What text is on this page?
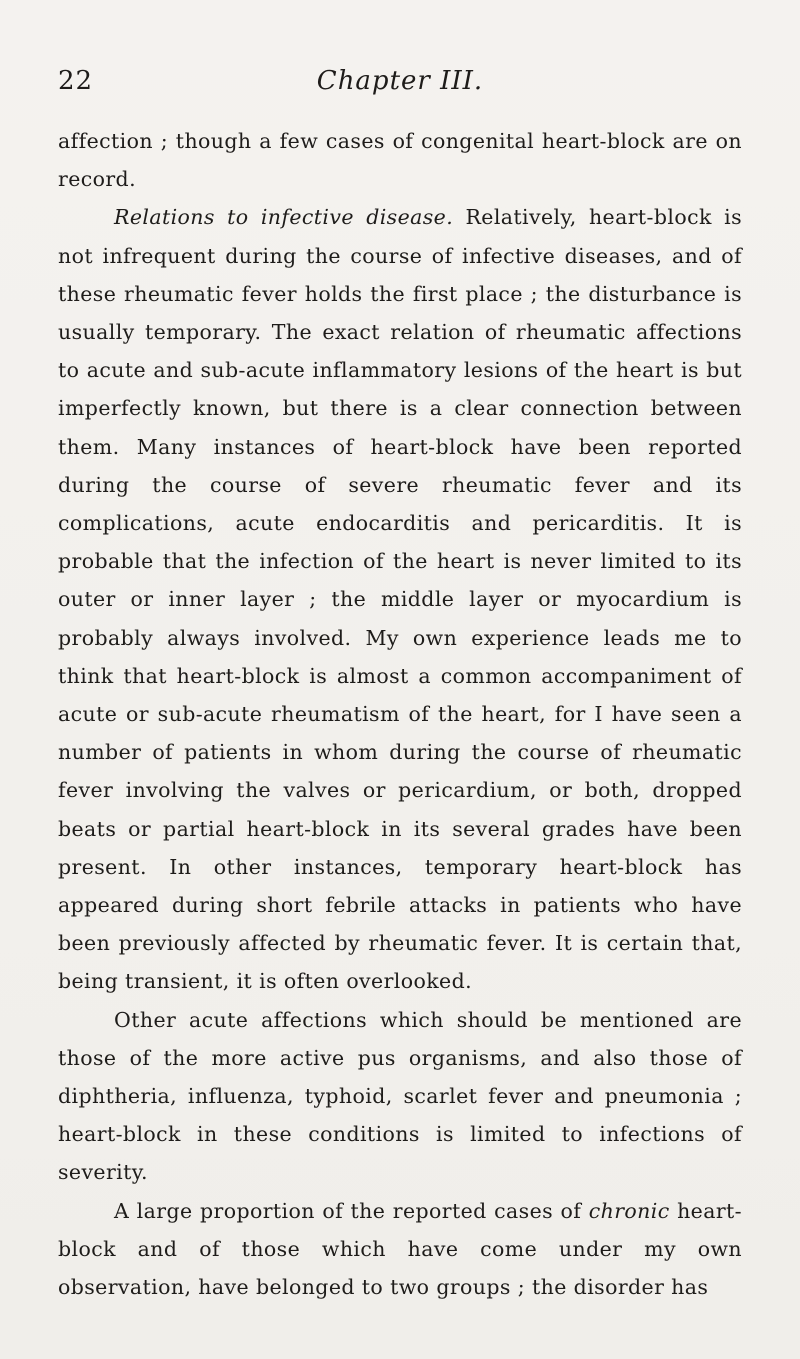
22	Chapter III.

affection ; though a few cases of congenital heart-block are on record.

Relations to infective disease. Relatively, heart-block is not infrequent during the course of infective diseases, and of these rheumatic fever holds the first place ; the disturbance is usually temporary. The exact relation of rheumatic affections to acute and sub-acute inflammatory lesions of the heart is but imperfectly known, but there is a clear connection between them. Many instances of heart-block have been reported during the course of severe rheumatic fever and its complications, acute endocarditis and pericarditis. It is probable that the infection of the heart is never limited to its outer or inner layer ; the middle layer or myocardium is probably always involved. My own experience leads me to think that heart-block is almost a common accompaniment of acute or sub-acute rheumatism of the heart, for I have seen a number of patients in whom during the course of rheumatic fever involving the valves or pericardium, or both, dropped beats or partial heart-block in its several grades have been present. In other instances, temporary heart-block has appeared during short febrile attacks in patients who have been previously affected by rheumatic fever. It is certain that, being transient, it is often overlooked.

Other acute affections which should be mentioned are those of the more active pus organisms, and also those of diphtheria, influenza, typhoid, scarlet fever and pneumonia ; heart-block in these conditions is limited to infections of severity.

A large proportion of the reported cases of chronic heart-block and of those which have come under my own observation, have belonged to two groups ; the disorder has
